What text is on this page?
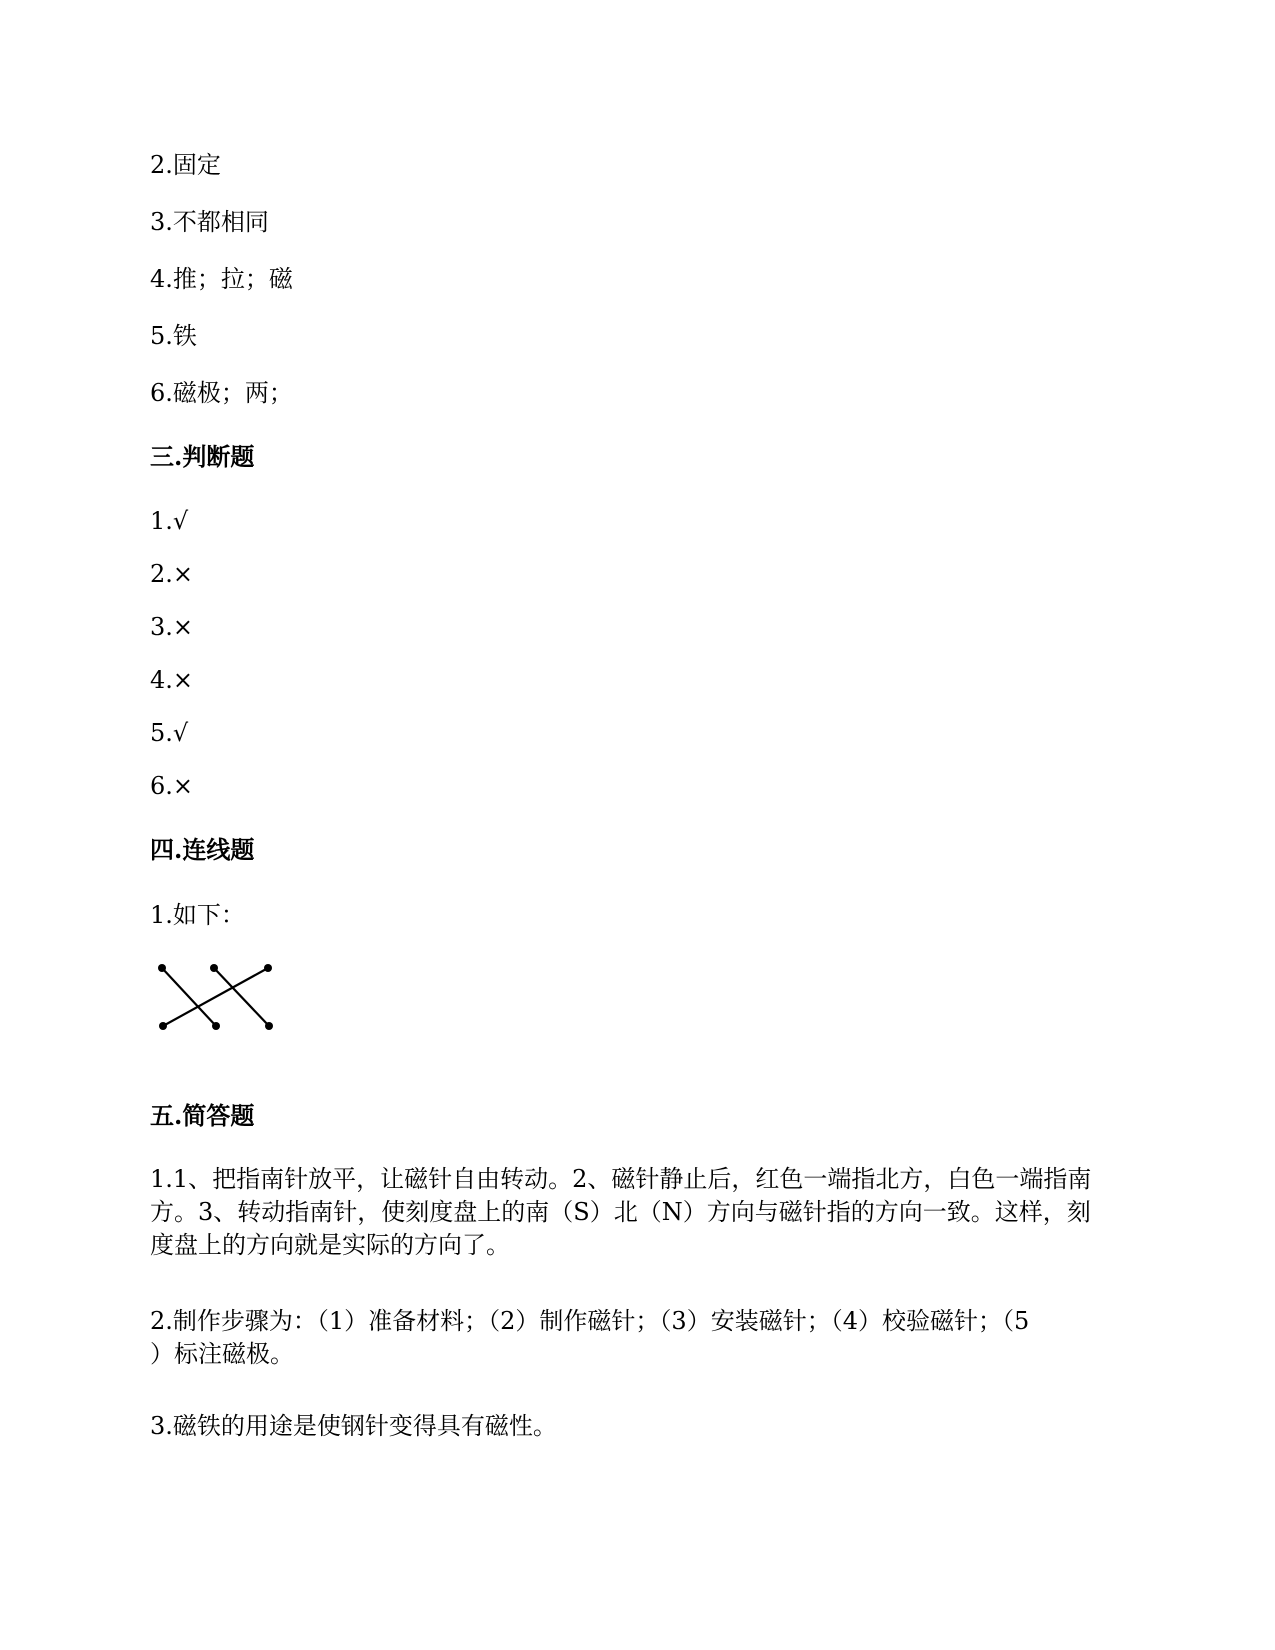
2.固定
3.不都相同
4.推；拉；磁
5.铁
6.磁极；两；
三.判断题
1.√
2.×
3.×
4.×
5.√
6.×
四.连线题
1.如下：
五.简答题
1.1、把指南针放平，让磁针自由转动。2、磁针静止后，红色一端指北方，白色一端指南
方。3、转动指南针，使刻度盘上的南（S）北（N）方向与磁针指的方向一致。这样，刻
度盘上的方向就是实际的方向了。
2.制作步骤为：（1）准备材料；（2）制作磁针；（3）安装磁针；（4）校验磁针；（5
）标注磁极。
3.磁铁的用途是使钢针变得具有磁性。
